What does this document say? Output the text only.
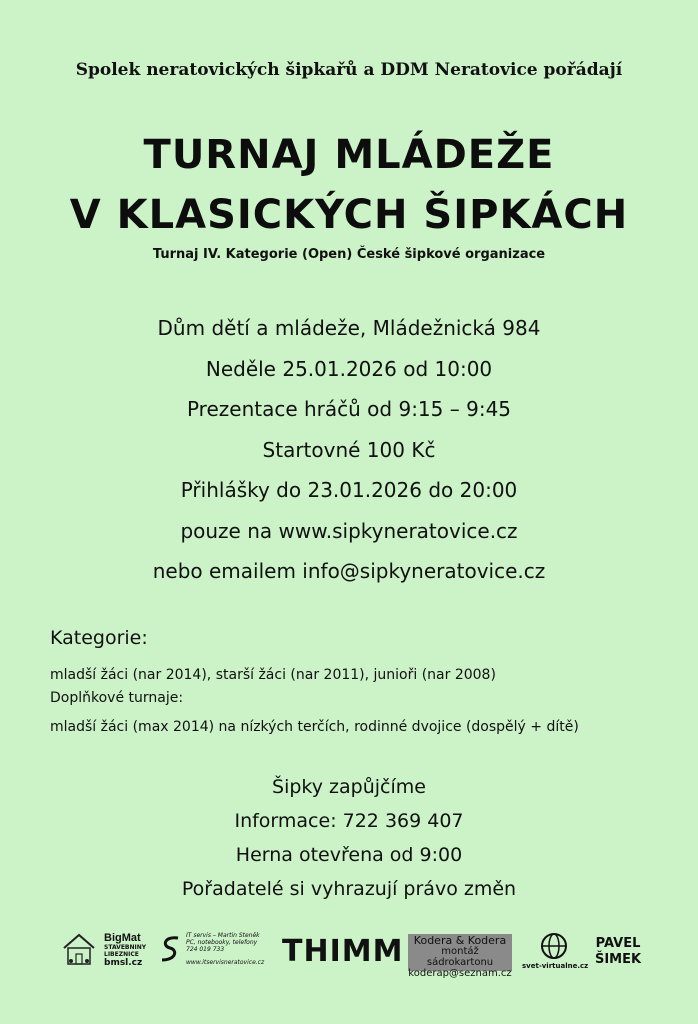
Spolek neratovických šipkařů a DDM Neratovice pořádají
TURNAJ MLÁDEŽE
V KLASICKÝCH ŠIPKÁCH
Turnaj IV. Kategorie (Open) České šipkové organizace
Dům dětí a mládeže, Mládežnická 984
Neděle 25.01.2026 od 10:00
Prezentace hráčů od 9:15 – 9:45
Startovné 100 Kč
Přihlášky do 23.01.2026 do 20:00
pouze na www.sipkyneratovice.cz
nebo emailem info@sipkyneratovice.cz
Kategorie:
mladší žáci (nar 2014), starší žáci (nar 2011), junioři (nar 2008)
Doplňkové turnaje:
mladší žáci (max 2014) na nízkých terčích, rodinné dvojice (dospělý + dítě)
Šipky zapůjčíme
Informace: 722 369 407
Herna otevřena od 9:00
Pořadatelé si vyhrazují právo změn
BigMat
STAVEBNINY
LIBEZNICE
bmsl.cz
IT servis – Martin Steněk
PC, notebooky, telefony
724 019 733
www.itservisneratovice.cz THIMM Kodera & Kodera
montáž sádrokartonu
koderap@seznam.cz
svet-virtualne.cz
PAVEL
ŠIMEK
